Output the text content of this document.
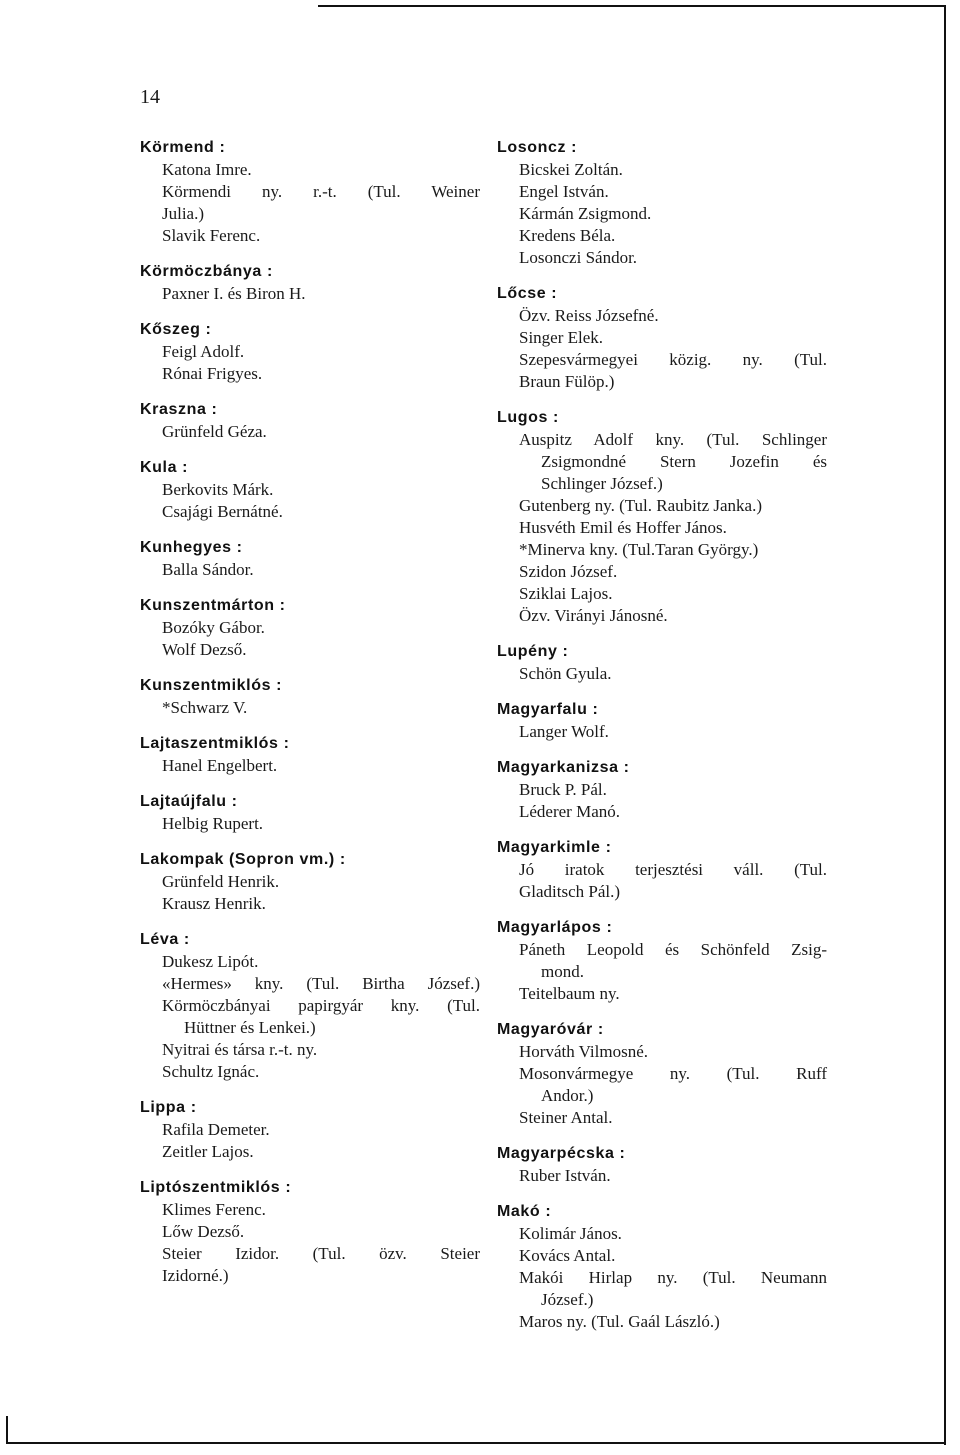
14
Körmend :
Katona Imre.
Körmendi ny. r.-t. (Tul. Weiner
Julia.)
Slavik Ferenc.
Körmöczbánya :
Paxner I. és Biron H.
Kőszeg :
Feigl Adolf.
Rónai Frigyes.
Kraszna :
Grünfeld Géza.
Kula :
Berkovits Márk.
Csajági Bernátné.
Kunhegyes :
Balla Sándor.
Kunszentmárton :
Bozóky Gábor.
Wolf Dezső.
Kunszentmiklós :
*Schwarz V.
Lajtaszentmiklós :
Hanel Engelbert.
Lajtaújfalu :
Helbig Rupert.
Lakompak (Sopron vm.) :
Grünfeld Henrik.
Krausz Henrik.
Léva :
Dukesz Lipót.
«Hermes» kny. (Tul. Birtha József.)
Körmöczbányai papirgyár kny. (Tul.
Hüttner és Lenkei.)
Nyitrai és társa r.-t. ny.
Schultz Ignác.
Lippa :
Rafila Demeter.
Zeitler Lajos.
Liptószentmiklós :
Klimes Ferenc.
Lőw Dezső.
Steier Izidor. (Tul. özv. Steier
Izidorné.)
Losoncz :
Bicskei Zoltán.
Engel István.
Kármán Zsigmond.
Kredens Béla.
Losonczi Sándor.
Lőcse :
Özv. Reiss Józsefné.
Singer Elek.
Szepesvármegyei közig. ny. (Tul.
Braun Fülöp.)
Lugos :
Auspitz Adolf kny. (Tul. Schlinger
Zsigmondné Stern Jozefin és
Schlinger József.)
Gutenberg ny. (Tul. Raubitz Janka.)
Husvéth Emil és Hoffer János.
*Minerva kny. (Tul.Taran György.)
Szidon József.
Sziklai Lajos.
Özv. Virányi Jánosné.
Lupény :
Schön Gyula.
Magyarfalu :
Langer Wolf.
Magyarkanizsa :
Bruck P. Pál.
Léderer Manó.
Magyarkimle :
Jó iratok terjesztési váll. (Tul.
Gladitsch Pál.)
Magyarlápos :
Páneth Leopold és Schönfeld Zsig-
mond.
Teitelbaum ny.
Magyaróvár :
Horváth Vilmosné.
Mosonvármegye ny. (Tul. Ruff
Andor.)
Steiner Antal.
Magyarpécska :
Ruber István.
Makó :
Kolimár János.
Kovács Antal.
Makói Hirlap ny. (Tul. Neumann
József.)
Maros ny. (Tul. Gaál László.)
